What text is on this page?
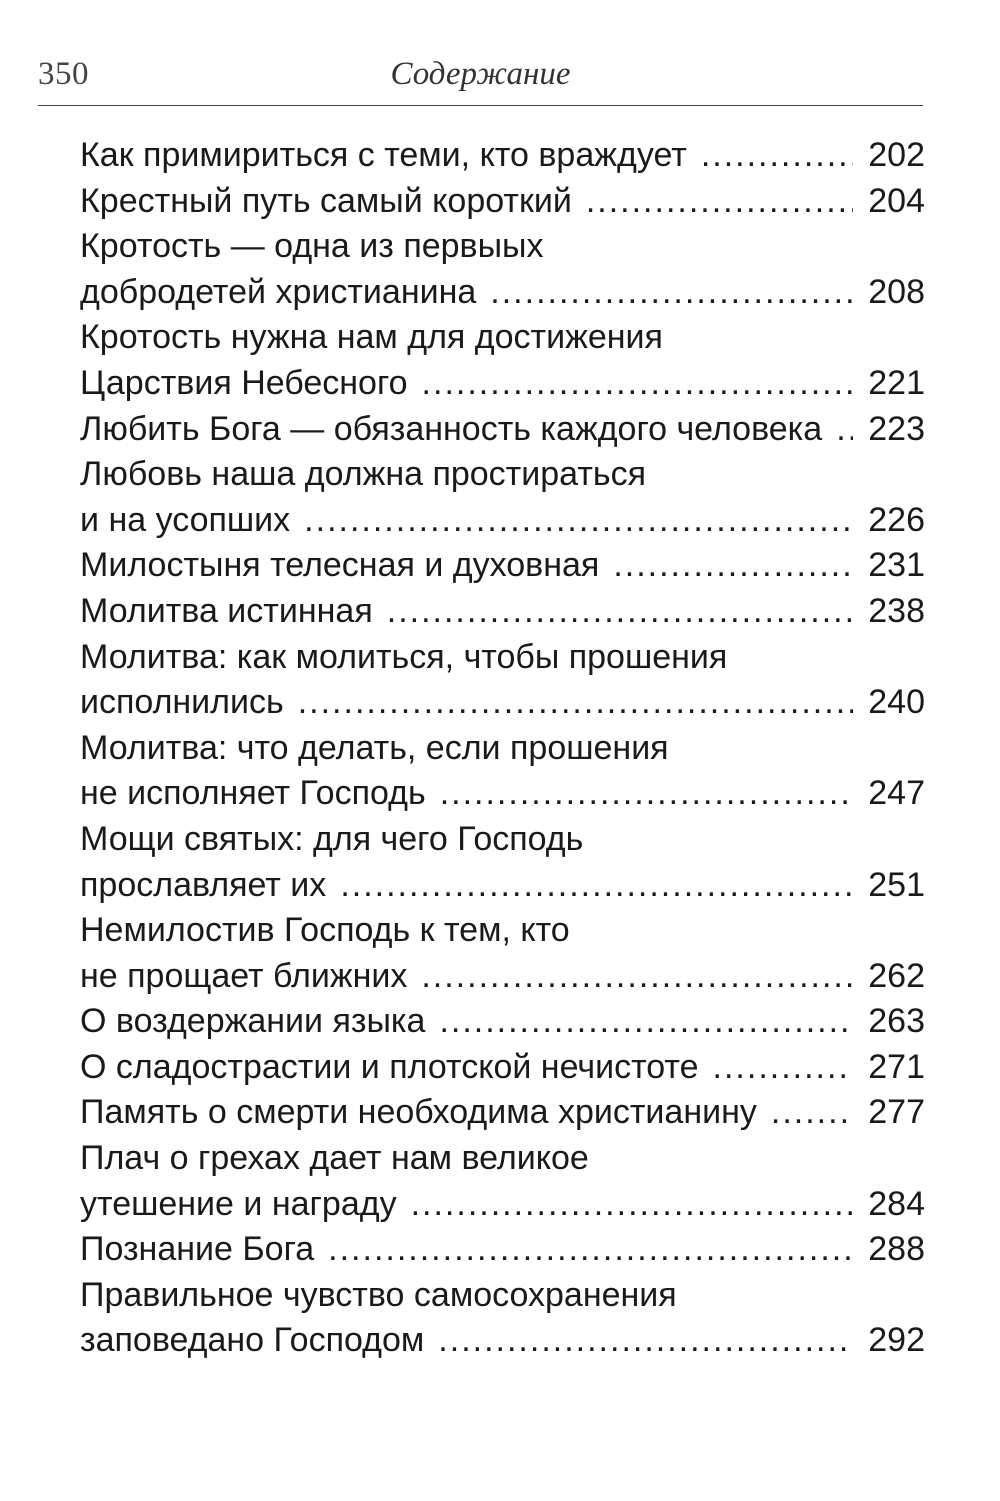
350	Содержание
Как примириться с теми, кто враждует .....	202
Крестный путь самый короткий .....	204
Кротость — одна из первыых
добродетей христианина .....	208
Кротость нужна нам для достижения
Царствия Небесного .....	221
Любить Бога — обязанность каждого человека ..... 223
Любовь наша должна простираться
и на усопших .....	226
Милостыня телесная и духовная .....	231
Молитва истинная .....	238
Молитва: как молиться, чтобы прошения
исполнились .....	240
Молитва: что делать, если прошения
не исполняет Господь .....	247
Мощи святых: для чего Господь
прославляет их .....	251
Немилостив Господь к тем, кто
не прощает ближних .....	262
О воздержании языка .....	263
О сладострастии и плотской нечистоте .....	271
Память о смерти необходима христианину .....	277
Плач о грехах дает нам великое
утешение и награду .....	284
Познание Бога .....	288
Правильное чувство самосохранения
заповедано Господом .....	292
